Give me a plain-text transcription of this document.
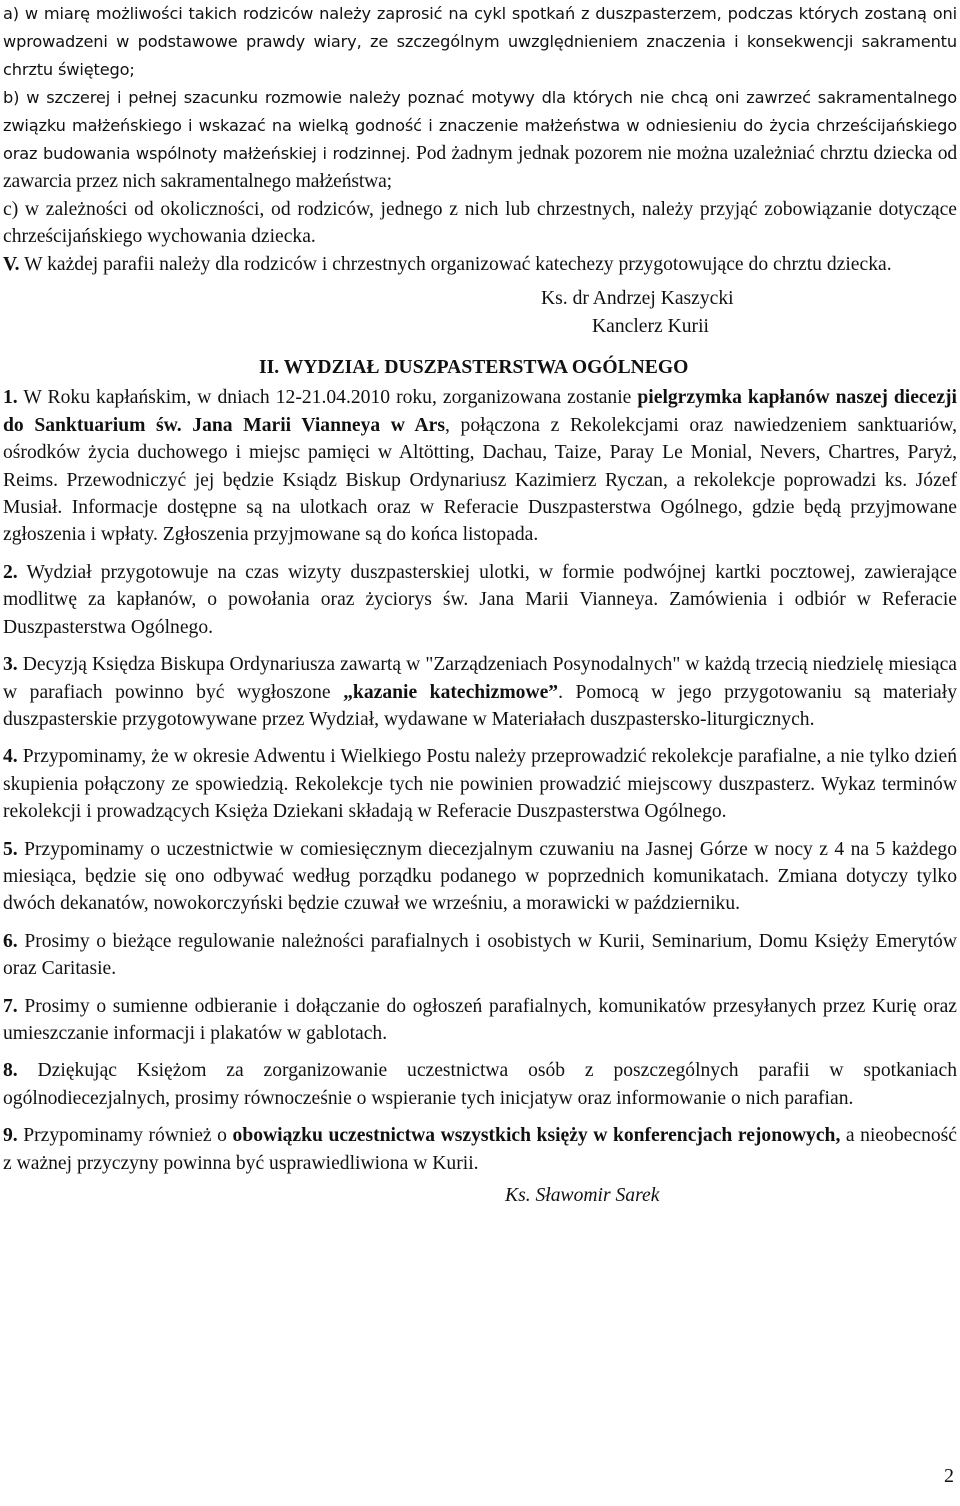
a) w miarę możliwości takich rodziców należy zaprosić na cykl spotkań z duszpasterzem, podczas których zostaną oni wprowadzeni w podstawowe prawdy wiary, ze szczególnym uwzględnieniem znaczenia i konsekwencji sakramentu chrztu świętego;

b) w szczerej i pełnej szacunku rozmowie należy poznać motywy dla których nie chcą oni zawrzeć sakramentalnego związku małżeńskiego i wskazać na wielką godność i znaczenie małżeństwa w odniesieniu do życia chrześcijańskiego oraz budowania wspólnoty małżeńskiej i rodzinnej. Pod żadnym jednak pozorem nie można uzależniać chrztu dziecka od zawarcia przez nich sakramentalnego małżeństwa;

c) w zależności od okoliczności, od rodziców, jednego z nich lub chrzestnych, należy przyjąć zobowiązanie dotyczące chrześcijańskiego wychowania dziecka.

V. W każdej parafii należy dla rodziców i chrzestnych organizować katechezy przygotowujące do chrztu dziecka.

Ks. dr Andrzej Kaszycki

Kanclerz Kurii

II. WYDZIAŁ DUSZPASTERSTWA OGÓLNEGO

1. W Roku kapłańskim, w dniach 12-21.04.2010 roku, zorganizowana zostanie pielgrzymka kapłanów naszej diecezji do Sanktuarium św. Jana Marii Vianneya w Ars, połączona z Rekolekcjami oraz nawiedzeniem sanktuariów, ośrodków życia duchowego i miejsc pamięci w Altötting, Dachau, Taize, Paray Le Monial, Nevers, Chartres, Paryż, Reims. Przewodniczyć jej będzie Ksiądz Biskup Ordynariusz Kazimierz Ryczan, a rekolekcje poprowadzi ks. Józef Musiał. Informacje dostępne są na ulotkach oraz w Referacie Duszpasterstwa Ogólnego, gdzie będą przyjmowane zgłoszenia i wpłaty. Zgłoszenia przyjmowane są do końca listopada.

2. Wydział przygotowuje na czas wizyty duszpasterskiej ulotki, w formie podwójnej kartki pocztowej, zawierające modlitwę za kapłanów, o powołania oraz życiorys św. Jana Marii Vianneya. Zamówienia i odbiór w Referacie Duszpasterstwa Ogólnego.

3. Decyzją Księdza Biskupa Ordynariusza zawartą w "Zarządzeniach Posynodalnych" w każdą trzecią niedzielę miesiąca w parafiach powinno być wygłoszone „kazanie katechizmowe”. Pomocą w jego przygotowaniu są materiały duszpasterskie przygotowywane przez Wydział, wydawane w Materiałach duszpastersko-liturgicznych.

4. Przypominamy, że w okresie Adwentu i Wielkiego Postu należy przeprowadzić rekolekcje parafialne, a nie tylko dzień skupienia połączony ze spowiedzią. Rekolekcje tych nie powinien prowadzić miejscowy duszpasterz. Wykaz terminów rekolekcji i prowadzących Księża Dziekani składają w Referacie Duszpasterstwa Ogólnego.

5. Przypominamy o uczestnictwie w comiesięcznym diecezjalnym czuwaniu na Jasnej Górze w nocy z 4 na 5 każdego miesiąca, będzie się ono odbywać według porządku podanego w poprzednich komunikatach. Zmiana dotyczy tylko dwóch dekanatów, nowokorczyński będzie czuwał we wrześniu, a morawicki w październiku.

6. Prosimy o bieżące regulowanie należności parafialnych i osobistych w Kurii, Seminarium, Domu Księży Emerytów oraz Caritasie.

7. Prosimy o sumienne odbieranie i dołączanie do ogłoszeń parafialnych, komunikatów przesyłanych przez Kurię oraz umieszczanie informacji i plakatów w gablotach.

8. Dziękując Księżom za zorganizowanie uczestnictwa osób z poszczególnych parafii w spotkaniach ogólnodiecezjalnych, prosimy równocześnie o wspieranie tych inicjatyw oraz informowanie o nich parafian.

9. Przypominamy również o obowiązku uczestnictwa wszystkich księży w konferencjach rejonowych, a nieobecność z ważnej przyczyny powinna być usprawiedliwiona w Kurii.

Ks. Sławomir Sarek

2
